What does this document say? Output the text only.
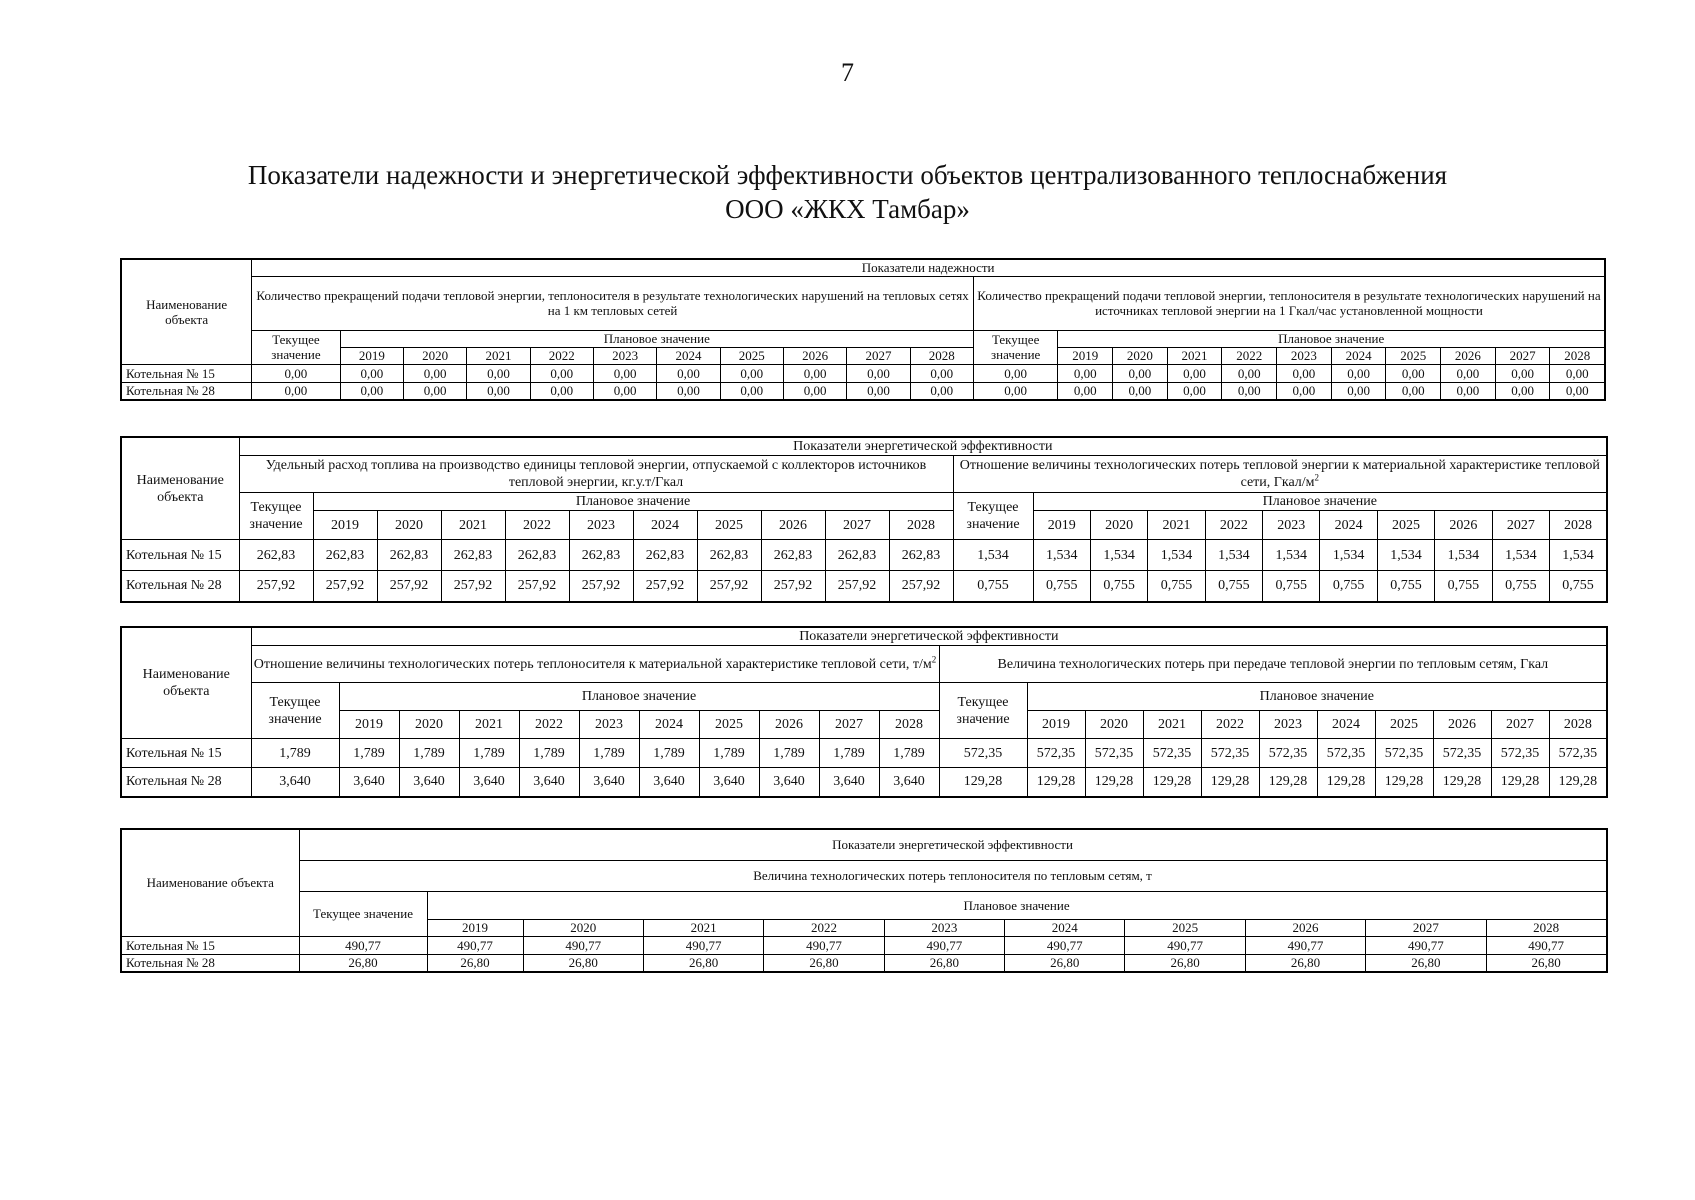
7
Показатели надежности и энергетической эффективности объектов централизованного теплоснабжения
ООО «ЖКХ Тамбар»
Наименование объекта	Показатели надежности																					
	Количество прекращений подачи тепловой энергии, теплоносителя в результате технологических нарушений на тепловых сетях на 1 км тепловых сетей											Количество прекращений подачи тепловой энергии, теплоносителя в результате технологических нарушений на источниках тепловой энергии на 1 Гкал/час установленной мощности										
	Текущее значение	Плановое значение										Текущее значение	Плановое значение									
		2019	2020	2021	2022	2023	2024	2025	2026	2027	2028		2019	2020	2021	2022	2023	2024	2025	2026	2027	2028
Котельная № 15	0,00	0,00	0,00	0,00	0,00	0,00	0,00	0,00	0,00	0,00	0,00	0,00	0,00	0,00	0,00	0,00	0,00	0,00	0,00	0,00	0,00	0,00
Котельная № 28	0,00	0,00	0,00	0,00	0,00	0,00	0,00	0,00	0,00	0,00	0,00	0,00	0,00	0,00	0,00	0,00	0,00	0,00	0,00	0,00	0,00	0,00
Наименование объекта	Показатели энергетической эффективности																					
	Удельный расход топлива на производство единицы тепловой энергии, отпускаемой с коллекторов источников тепловой энергии, кг.у.т/Гкал											Отношение величины технологических потерь тепловой энергии к материальной характеристике тепловой сети, Гкал/$м^2$
	Текущее значение	Плановое значение										Текущее значение	Плановое значение									
		2019	2020	2021	2022	2023	2024	2025	2026	2027	2028		2019	2020	2021	2022	2023	2024	2025	2026	2027	2028
Котельная № 15	262,83	262,83	262,83	262,83	262,83	262,83	262,83	262,83	262,83	262,83	262,83	1,534	1,534	1,534	1,534	1,534	1,534	1,534	1,534	1,534	1,534	1,534
Котельная № 28	257,92	257,92	257,92	257,92	257,92	257,92	257,92	257,92	257,92	257,92	257,92	0,755	0,755	0,755	0,755	0,755	0,755	0,755	0,755	0,755	0,755	0,755
Наименование объекта	Показатели энергетической эффективности																					
	Отношение величины технологических потерь теплоносителя к материальной характеристике тепловой сети, $т/м^2$											Величина технологических потерь при передаче тепловой энергии по тепловым сетям, Гкал										
	Текущее значение	Плановое значение										Текущее значение	Плановое значение									
		2019	2020	2021	2022	2023	2024	2025	2026	2027	2028		2019	2020	2021	2022	2023	2024	2025	2026	2027	2028
Котельная № 15	1,789	1,789	1,789	1,789	1,789	1,789	1,789	1,789	1,789	1,789	1,789	572,35	572,35	572,35	572,35	572,35	572,35	572,35	572,35	572,35	572,35	572,35
Котельная № 28	3,640	3,640	3,640	3,640	3,640	3,640	3,640	3,640	3,640	3,640	3,640	129,28	129,28	129,28	129,28	129,28	129,28	129,28	129,28	129,28	129,28	129,28
Наименование объекта	Показатели энергетической эффективности										
	Величина технологических потерь теплоносителя по тепловым сетям, т										
	Текущее значение	Плановое значение									
		2019	2020	2021	2022	2023	2024	2025	2026	2027	2028
Котельная № 15	490,77	490,77	490,77	490,77	490,77	490,77	490,77	490,77	490,77	490,77	490,77
Котельная № 28	26,80	26,80	26,80	26,80	26,80	26,80	26,80	26,80	26,80	26,80	26,80
